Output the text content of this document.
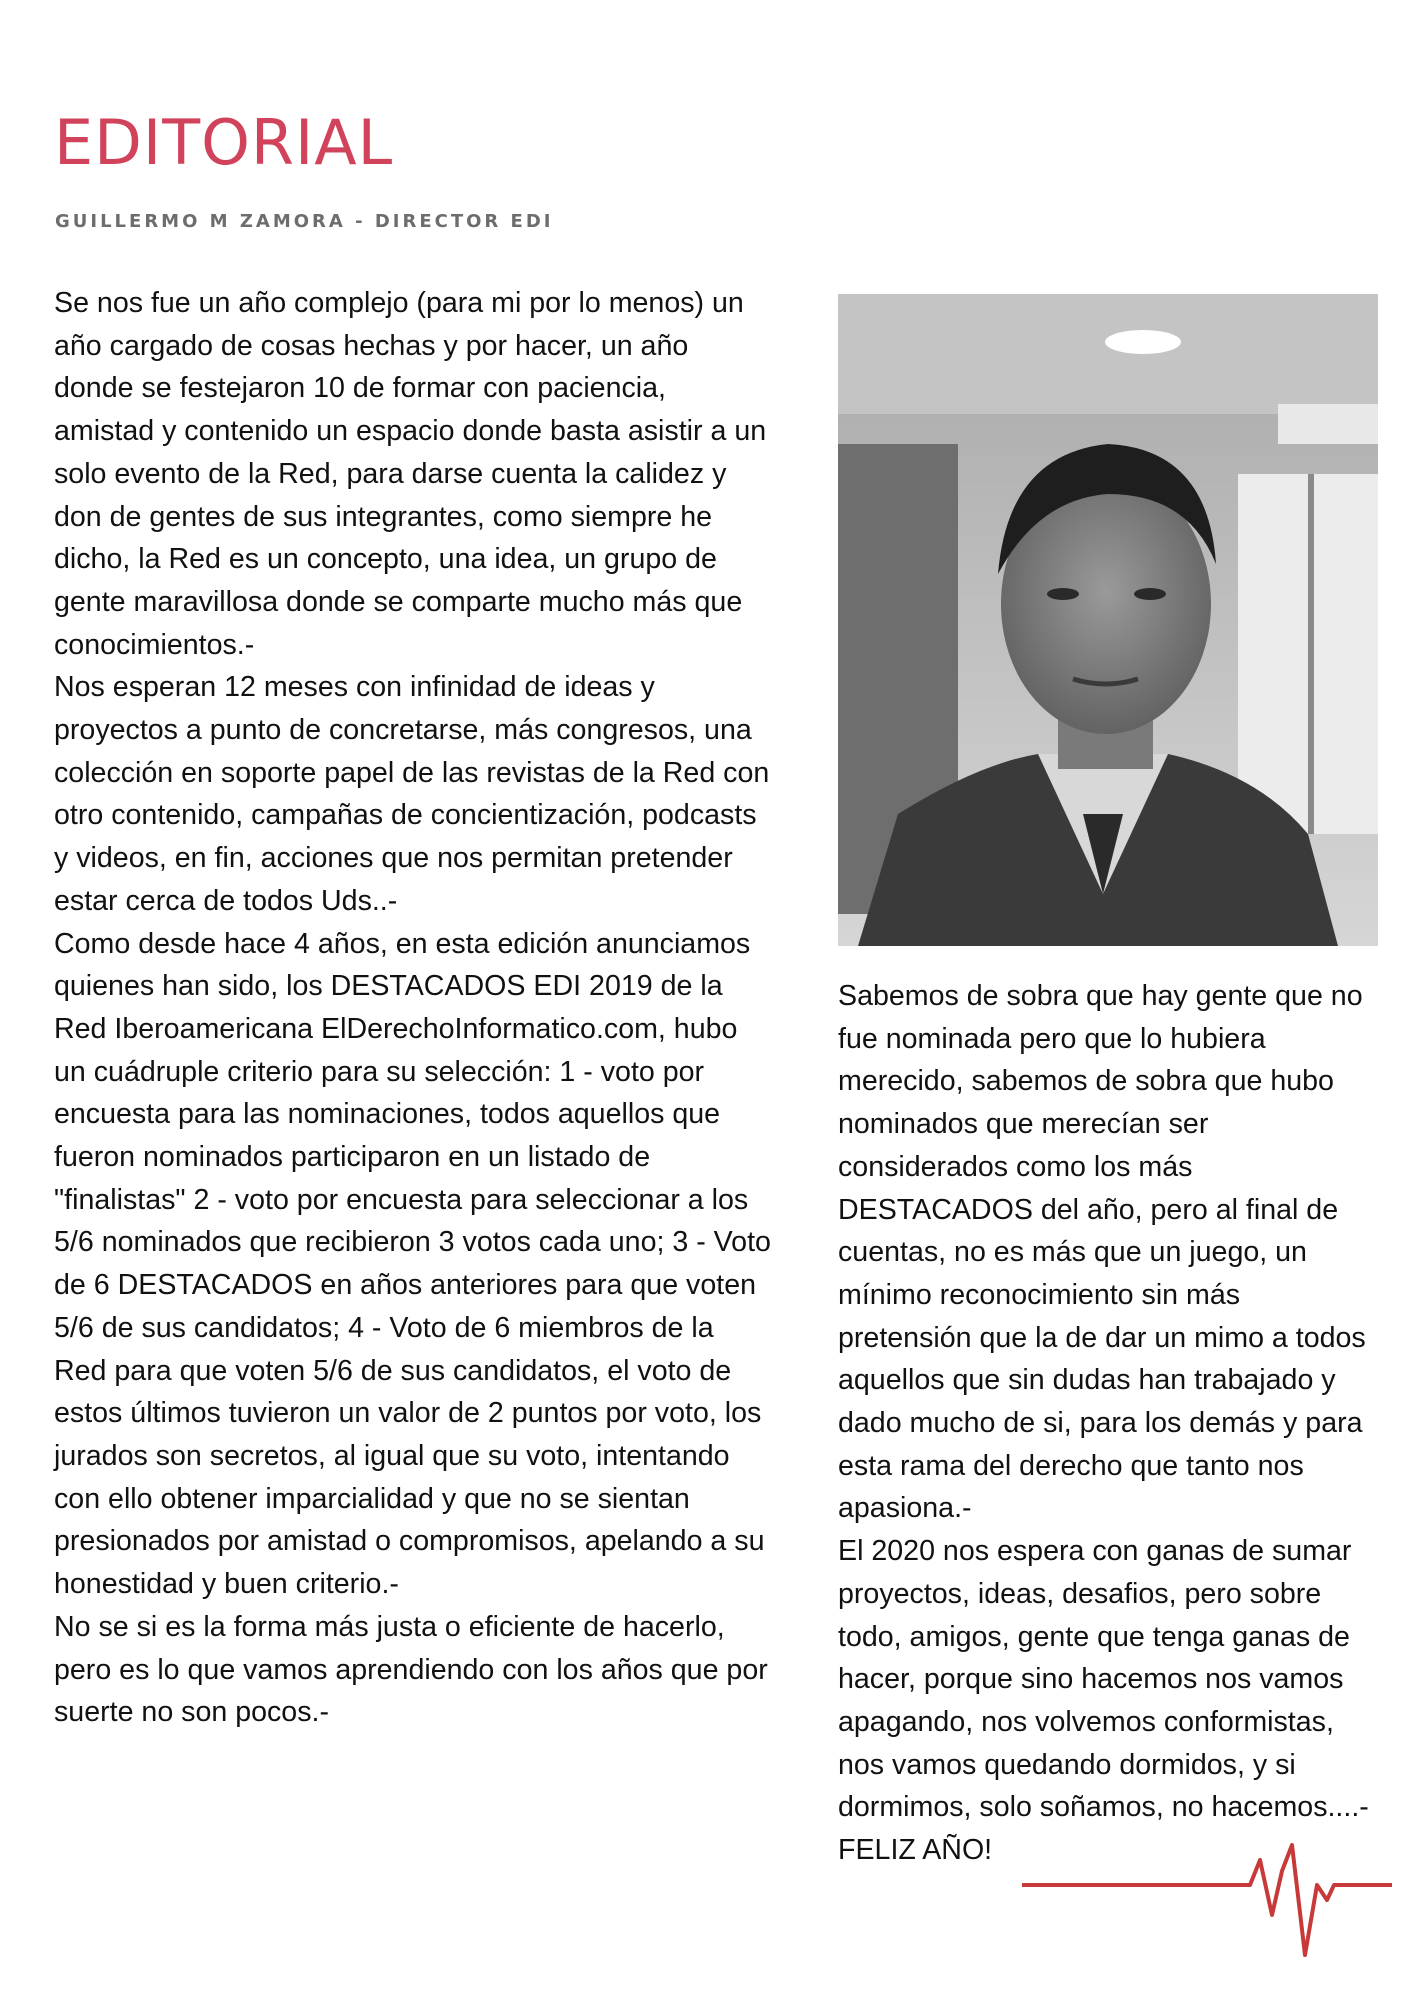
EDITORIAL
GUILLERMO M ZAMORA - DIRECTOR EDI

Se nos fue un año complejo (para mi por lo menos) un año cargado de cosas hechas y por hacer, un año donde se festejaron 10 de formar con paciencia, amistad y contenido un espacio donde basta asistir a un solo evento de la Red, para darse cuenta la calidez y don de gentes de sus integrantes, como siempre he dicho, la Red es un concepto, una idea, un grupo de gente maravillosa donde se comparte mucho más que conocimientos.-

Nos esperan 12 meses con infinidad de ideas y proyectos a punto de concretarse, más congresos, una colección en soporte papel de las revistas de la Red con otro contenido, campañas de concientización, podcasts y videos, en fin, acciones que nos permitan pretender estar cerca de todos Uds..-

Como desde hace 4 años, en esta edición anunciamos quienes han sido, los DESTACADOS EDI 2019 de la Red Iberoamericana ElDerechoInformatico.com, hubo un cuádruple criterio para su selección: 1 - voto por encuesta para las nominaciones, todos aquellos que fueron nominados participaron en un listado de "finalistas" 2 - voto por encuesta para seleccionar a los 5/6 nominados que recibieron 3 votos cada uno; 3 - Voto de 6 DESTACADOS en años anteriores para que voten 5/6 de sus candidatos; 4 - Voto de 6 miembros de la Red para que voten 5/6 de sus candidatos, el voto de estos últimos tuvieron un valor de 2 puntos por voto, los jurados son secretos, al igual que su voto, intentando con ello obtener imparcialidad y que no se sientan presionados por amistad o compromisos, apelando a su honestidad y buen criterio.-

No se si es la forma más justa o eficiente de hacerlo, pero es lo que vamos aprendiendo con los años que por suerte no son pocos.-

Sabemos de sobra que hay gente que no fue nominada pero que lo hubiera merecido, sabemos de sobra que hubo nominados que merecían ser considerados como los más DESTACADOS del año, pero al final de cuentas, no es más que un juego, un mínimo reconocimiento sin más pretensión que la de dar un mimo a todos aquellos que sin dudas han trabajado y dado mucho de si, para los demás y para esta rama del derecho que tanto nos apasiona.-

El 2020 nos espera con ganas de sumar proyectos, ideas, desafios, pero sobre todo, amigos, gente que tenga ganas de hacer, porque sino hacemos nos vamos apagando, nos volvemos conformistas, nos vamos quedando dormidos, y si dormimos, solo soñamos, no hacemos....-

FELIZ AÑO!
